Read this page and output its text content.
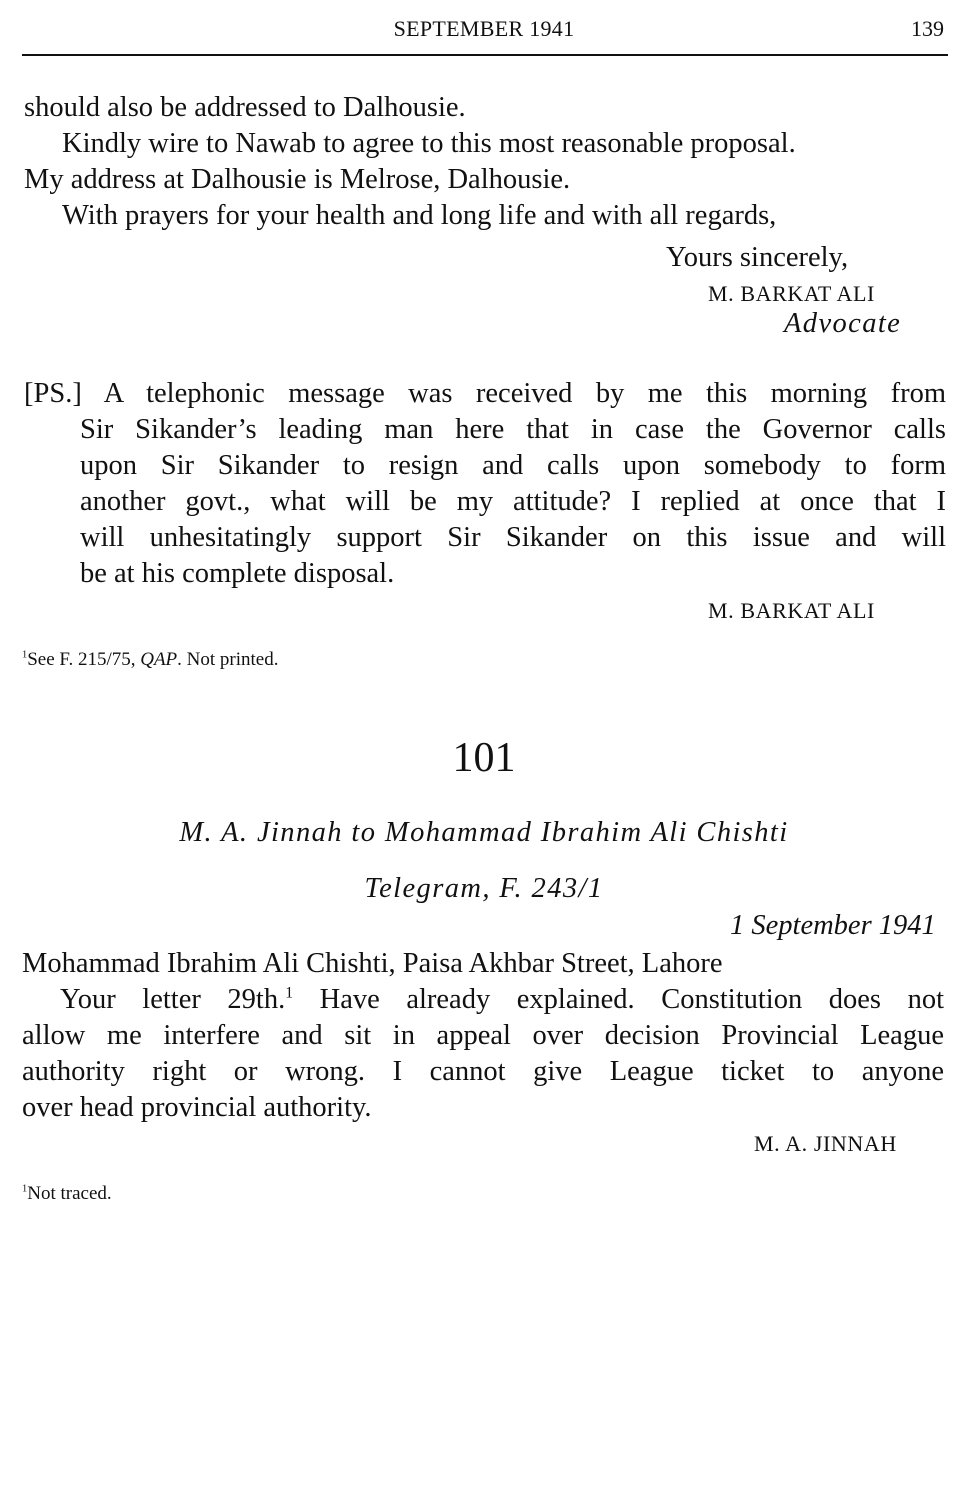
SEPTEMBER 1941	139
should also be addressed to Dalhousie.
Kindly wire to Nawab to agree to this most reasonable proposal.
My address at Dalhousie is Melrose, Dalhousie.
With prayers for your health and long life and with all regards,
Yours sincerely,
M. BARKAT ALI
Advocate
[PS.] A telephonic message was received by me this morning from
Sir Sikander’s leading man here that in case the Governor calls
upon Sir Sikander to resign and calls upon somebody to form
another govt., what will be my attitude? I replied at once that I
will unhesitatingly support Sir Sikander on this issue and will
be at his complete disposal.
M. BARKAT ALI
$^1$See F. 215/75, QAP. Not printed.
101
M. A. Jinnah to Mohammad Ibrahim Ali Chishti
Telegram, F. 243/1
1 September 1941
Mohammad Ibrahim Ali Chishti, Paisa Akhbar Street, Lahore
Your letter 29th.$^1$ Have already explained. Constitution does not
allow me interfere and sit in appeal over decision Provincial League
authority right or wrong. I cannot give League ticket to anyone
over head provincial authority.
M. A. JINNAH
$^1$Not traced.
